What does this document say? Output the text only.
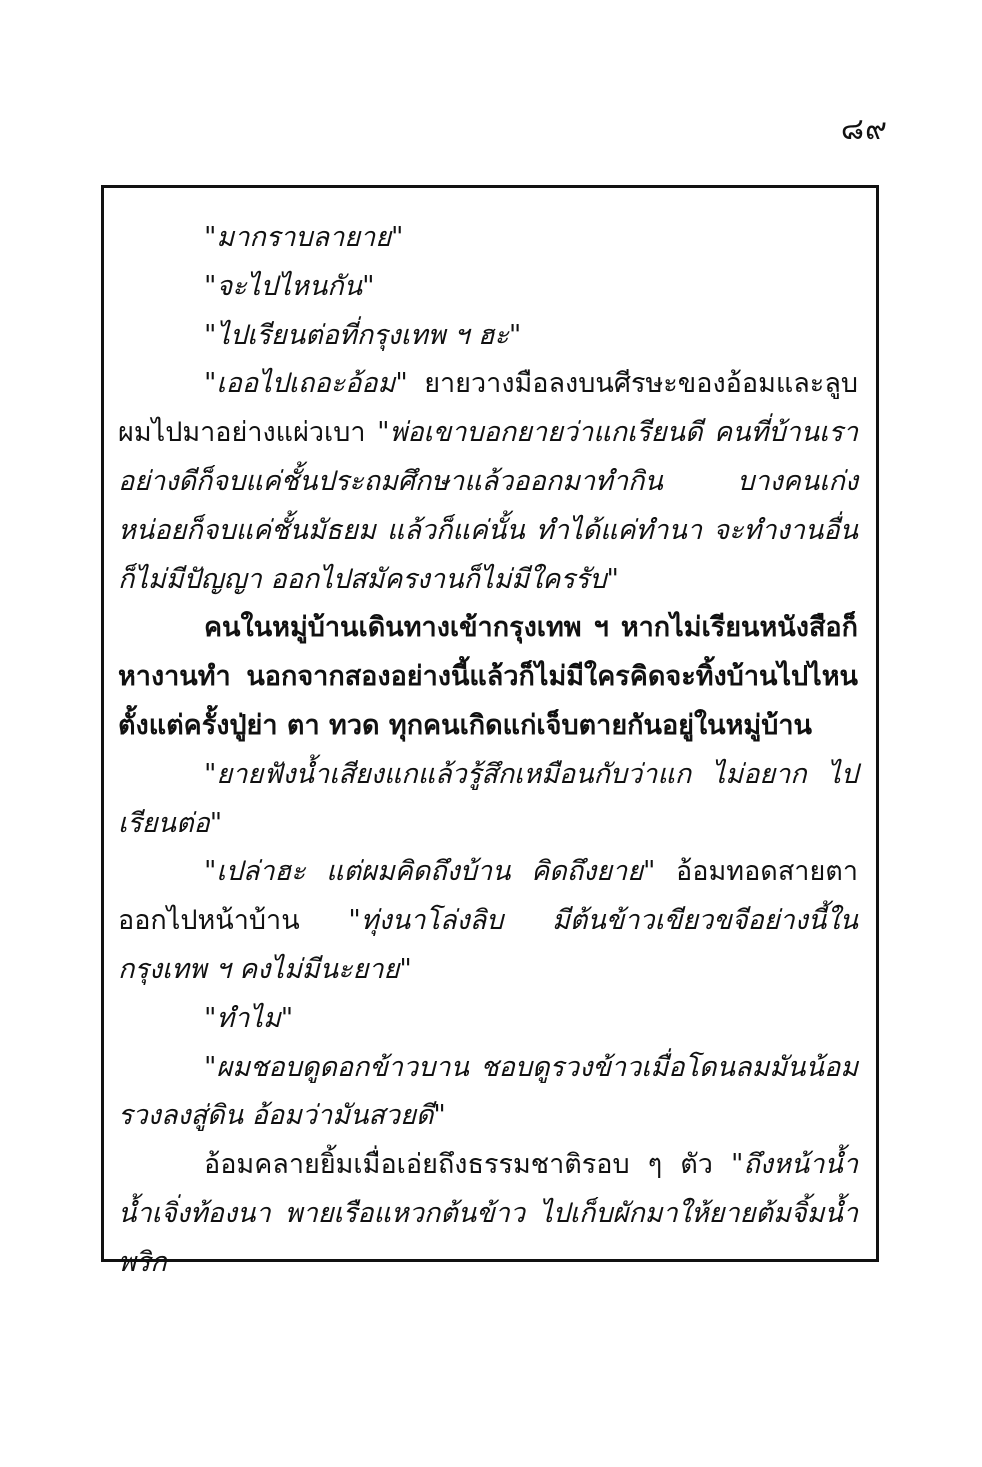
๘๙

"มากราบลายาย"

"จะไปไหนกัน"

"ไปเรียนต่อที่กรุงเทพ ฯ ฮะ"

"เออไปเถอะอ้อม" ยายวางมือลงบนศีรษะของอ้อมและลูบผมไปมาอย่างแผ่วเบา "พ่อเขาบอกยายว่าแกเรียนดี คนที่บ้านเราอย่างดีก็จบแค่ชั้นประถมศึกษาแล้วออกมาทำกิน บางคนเก่งหน่อยก็จบแค่ชั้นมัธยม แล้วก็แค่นั้น ทำได้แค่ทำนา จะทำงานอื่นก็ไม่มีปัญญา ออกไปสมัครงานก็ไม่มีใครรับ"

คนในหมู่บ้านเดินทางเข้ากรุงเทพ ฯ หากไม่เรียนหนังสือก็หางานทำ นอกจากสองอย่างนี้แล้วก็ไม่มีใครคิดจะทิ้งบ้านไปไหน ตั้งแต่ครั้งปู่ย่า ตา ทวด ทุกคนเกิดแก่เจ็บตายกันอยู่ในหมู่บ้าน

"ยายฟังน้ำเสียงแกแล้วรู้สึกเหมือนกับว่าแก ไม่อยาก ไปเรียนต่อ"

"เปล่าฮะ แต่ผมคิดถึงบ้าน คิดถึงยาย" อ้อมทอดสายตาออกไปหน้าบ้าน "ทุ่งนาโล่งลิบ มีต้นข้าวเขียวขจีอย่างนี้ในกรุงเทพ ฯ คงไม่มีนะยาย"

"ทำไม"

"ผมชอบดูดอกข้าวบาน ชอบดูรวงข้าวเมื่อโดนลมมันน้อมรวงลงสู่ดิน อ้อมว่ามันสวยดี"

อ้อมคลายยิ้มเมื่อเอ่ยถึงธรรมชาติรอบ ๆ ตัว "ถึงหน้าน้ำน้ำเจิ่งท้องนา พายเรือแหวกต้นข้าว ไปเก็บผักมาให้ยายต้มจิ้มน้ำพริก
